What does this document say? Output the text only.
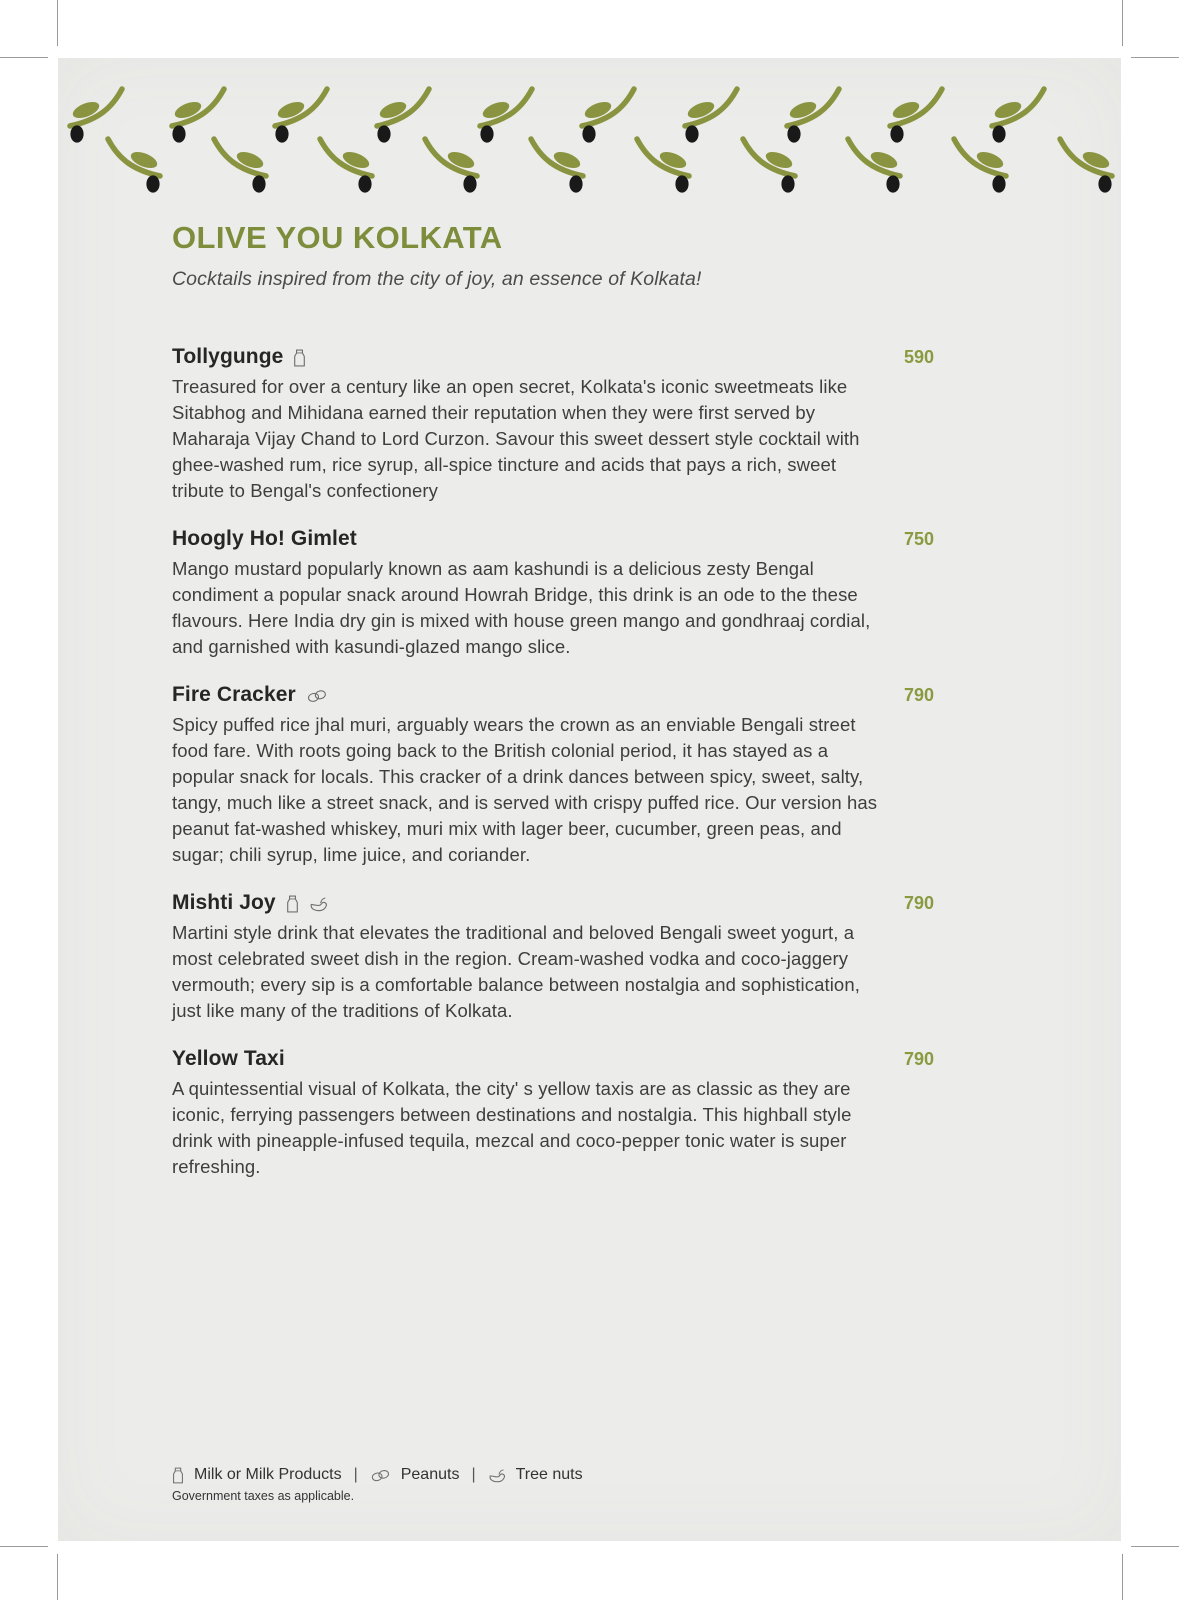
OLIVE YOU KOLKATA

Cocktails inspired from the city of joy, an essence of Kolkata!

Tollygunge	590

Treasured for over a century like an open secret, Kolkata's iconic sweetmeats like Sitabhog and Mihidana earned their reputation when they were first served by Maharaja Vijay Chand to Lord Curzon. Savour this sweet dessert style cocktail with ghee-washed rum, rice syrup, all-spice tincture and acids that pays a rich, sweet tribute to Bengal's confectionery

Hoogly Ho! Gimlet	750

Mango mustard popularly known as aam kashundi is a delicious zesty Bengal condiment a popular snack around Howrah Bridge, this drink is an ode to the these flavours. Here India dry gin is mixed with house green mango and gondhraaj cordial, and garnished with kasundi-glazed mango slice.

Fire Cracker	790

Spicy puffed rice jhal muri, arguably wears the crown as an enviable Bengali street food fare. With roots going back to the British colonial period, it has stayed as a popular snack for locals. This cracker of a drink dances between spicy, sweet, salty, tangy, much like a street snack, and is served with crispy puffed rice. Our version has peanut fat-washed whiskey, muri mix with lager beer, cucumber, green peas, and sugar; chili syrup, lime juice, and coriander.

Mishti Joy	790

Martini style drink that elevates the traditional and beloved Bengali sweet yogurt, a most celebrated sweet dish in the region. Cream-washed vodka and coco-jaggery vermouth; every sip is a comfortable balance between nostalgia and sophistication, just like many of the traditions of Kolkata.

Yellow Taxi	790

A quintessential visual of Kolkata, the city' s yellow taxis are as classic as they are iconic, ferrying passengers between destinations and nostalgia. This highball style drink with pineapple-infused tequila, mezcal and coco-pepper tonic water is super refreshing.

Milk or Milk Products |	Peanuts |	Tree nuts

Government taxes as applicable.
